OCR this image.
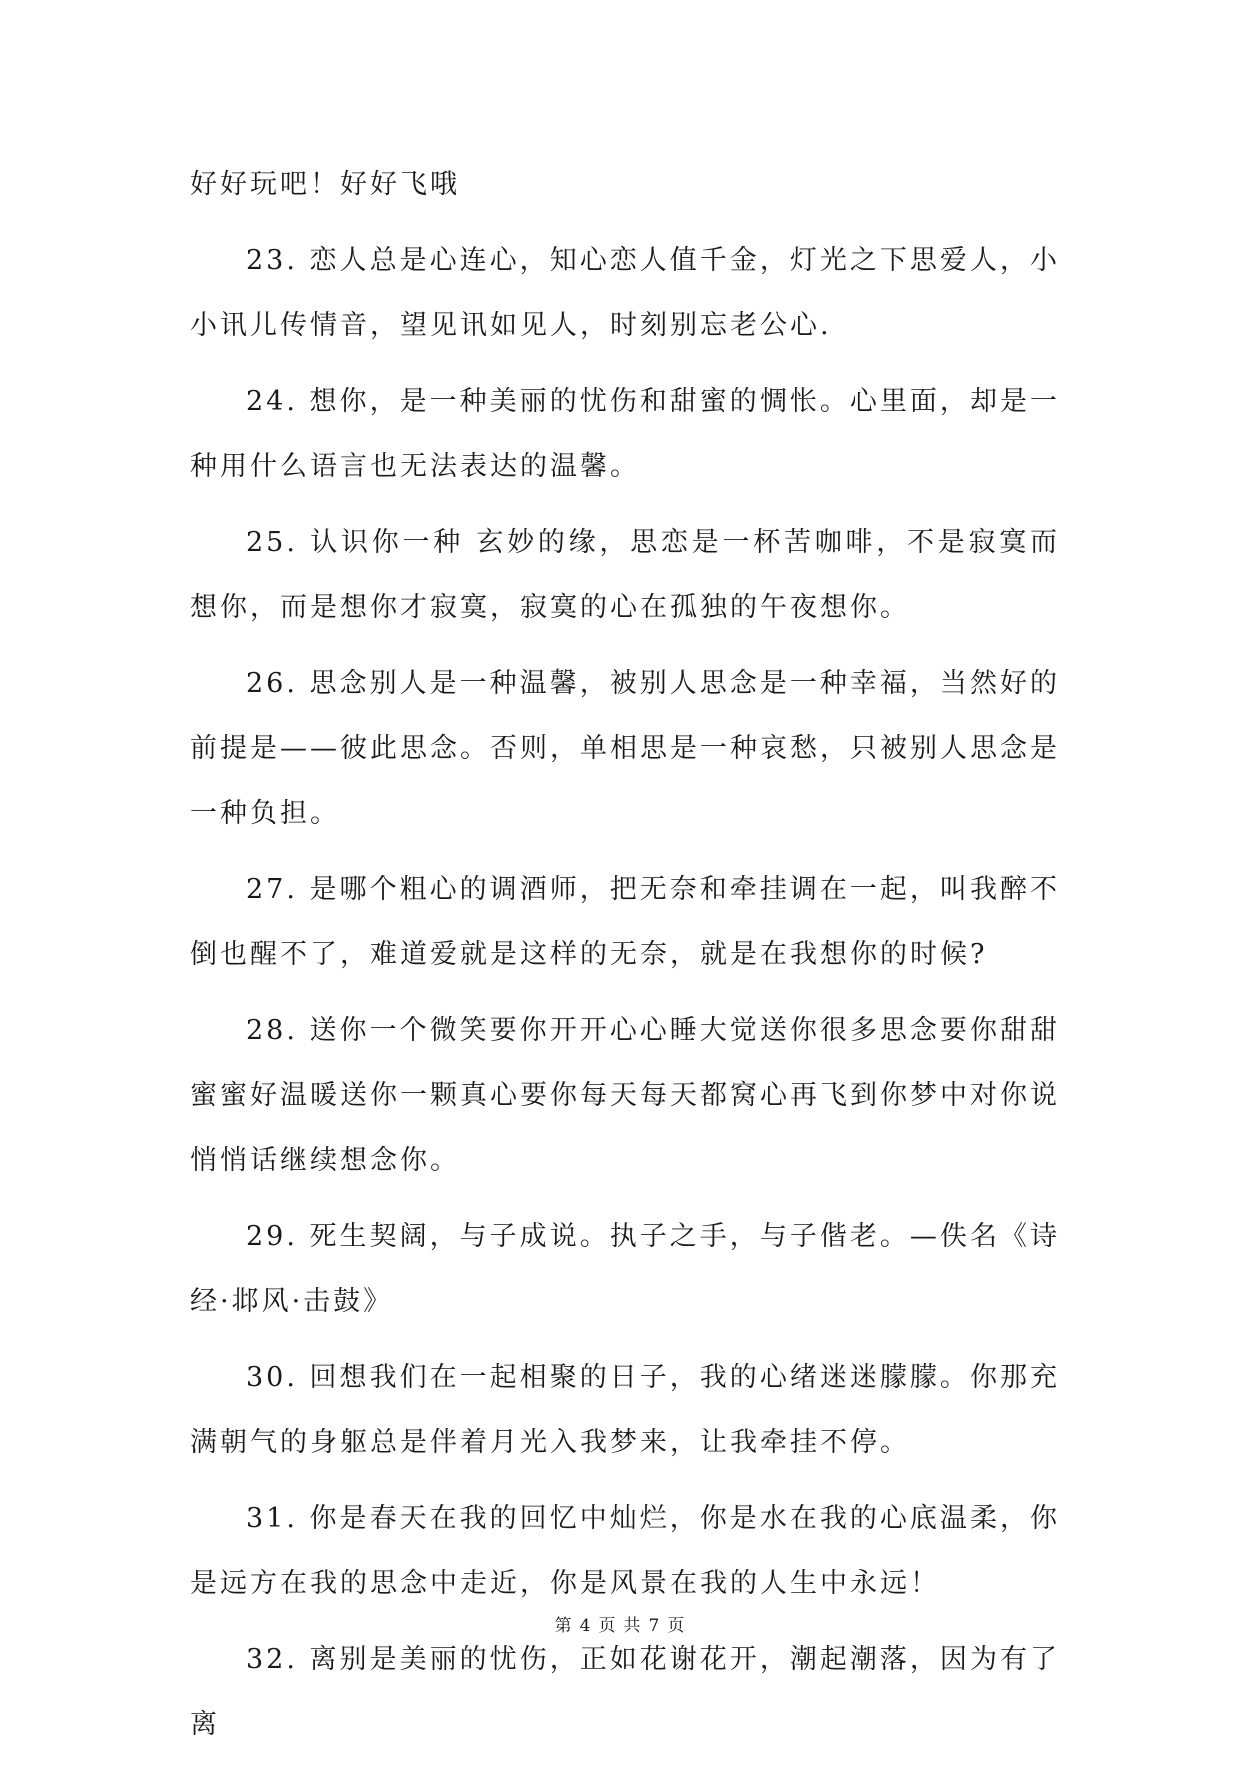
好好玩吧！好好飞哦

23. 恋人总是心连心，知心恋人值千金，灯光之下思爱人，小小讯儿传情音，望见讯如见人，时刻别忘老公心.

24. 想你，是一种美丽的忧伤和甜蜜的惆怅。心里面，却是一种用什么语言也无法表达的温馨。

25. 认识你一种 玄妙的缘，思恋是一杯苦咖啡，不是寂寞而想你，而是想你才寂寞，寂寞的心在孤独的午夜想你。

26. 思念别人是一种温馨，被别人思念是一种幸福，当然好的前提是——彼此思念。否则，单相思是一种哀愁，只被别人思念是一种负担。

27. 是哪个粗心的调酒师，把无奈和牵挂调在一起，叫我醉不倒也醒不了，难道爱就是这样的无奈，就是在我想你的时候?

28. 送你一个微笑要你开开心心睡大觉送你很多思念要你甜甜蜜蜜好温暖送你一颗真心要你每天每天都窝心再飞到你梦中对你说悄悄话继续想念你。

29. 死生契阔，与子成说。执子之手，与子偕老。—佚名《诗经·邶风·击鼓》

30. 回想我们在一起相聚的日子，我的心绪迷迷朦朦。你那充满朝气的身躯总是伴着月光入我梦来，让我牵挂不停。

31. 你是春天在我的回忆中灿烂，你是水在我的心底温柔，你是远方在我的思念中走近，你是风景在我的人生中永远！

32. 离别是美丽的忧伤，正如花谢花开，潮起潮落，因为有了离

第 4 页 共 7 页
